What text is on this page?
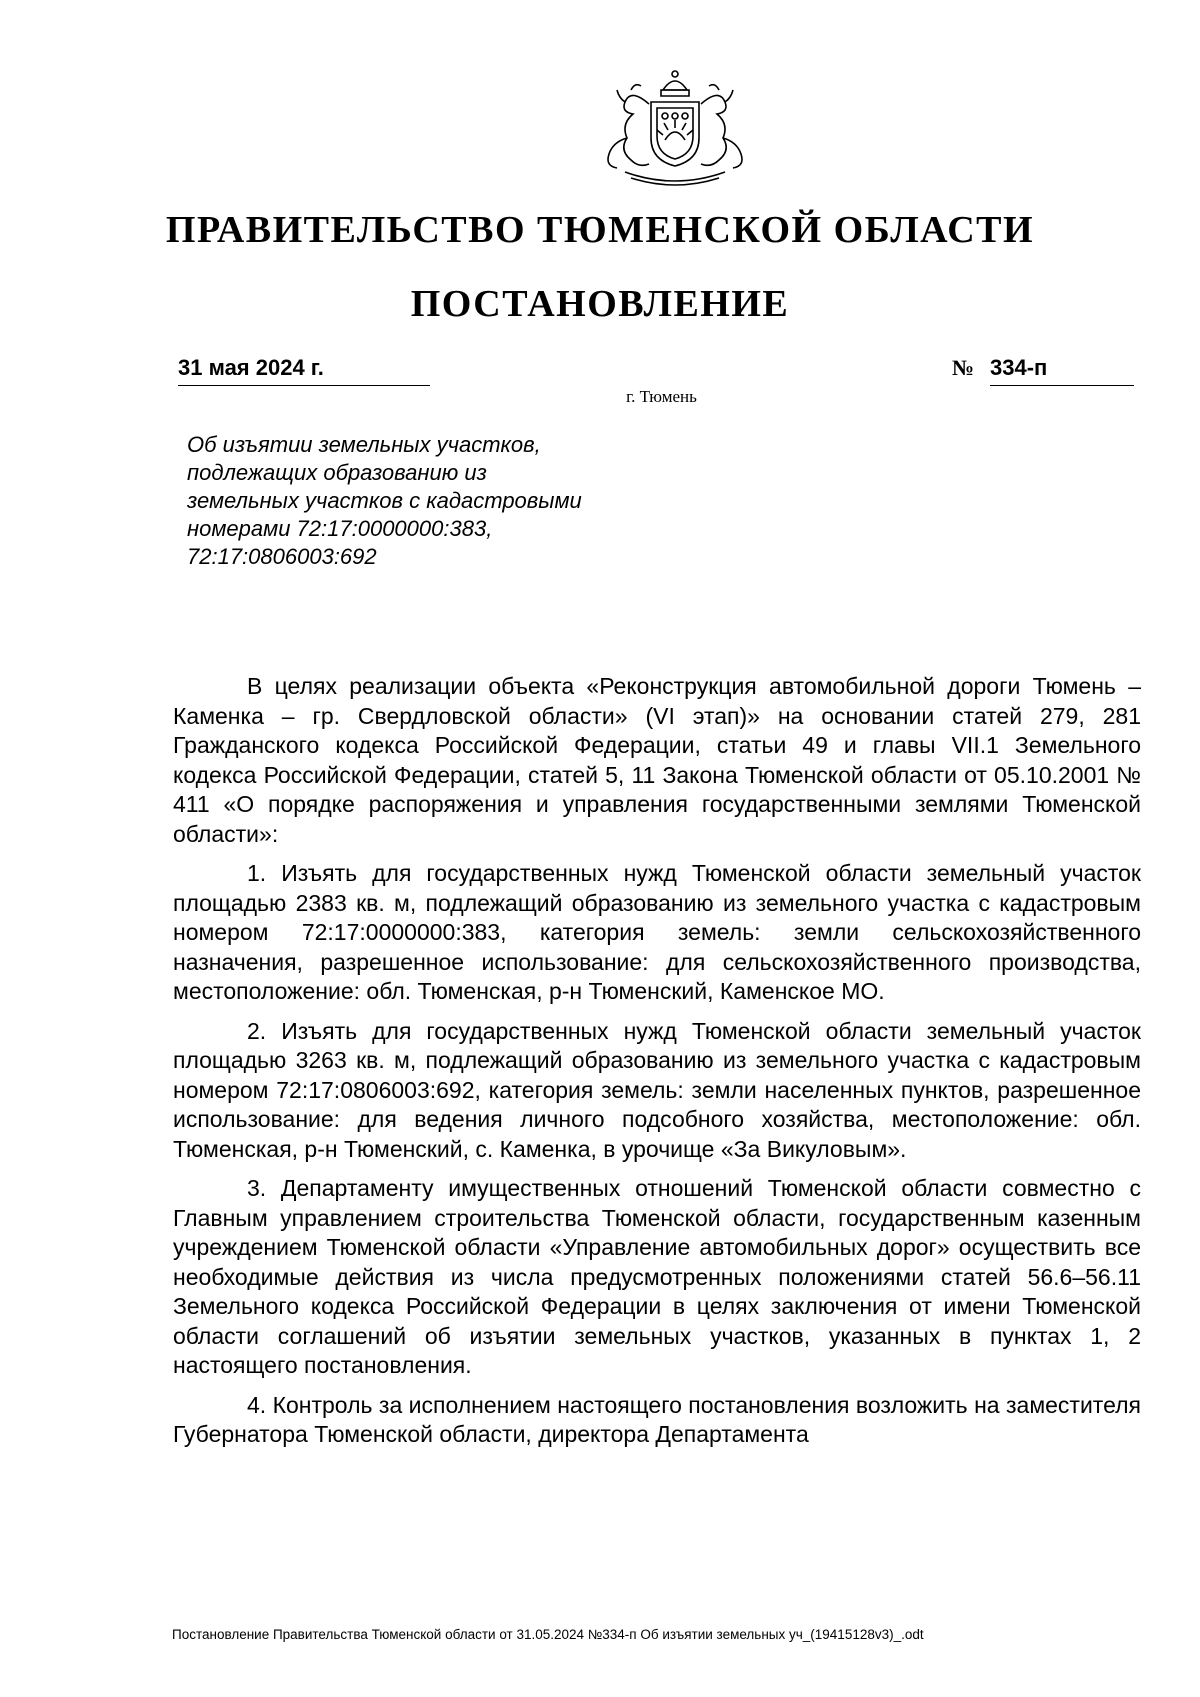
ПРАВИТЕЛЬСТВО ТЮМЕНСКОЙ ОБЛАСТИ
ПОСТАНОВЛЕНИЕ
31 мая 2024 г.	№ 334-п
г. Тюмень
Об изъятии земельных участков,
подлежащих образованию из
земельных участков с кадастровыми
номерами 72:17:0000000:383,
72:17:0806003:692

В целях реализации объекта «Реконструкция автомобильной дороги Тюмень – Каменка – гр. Свердловской области» (VI этап)» на основании статей 279, 281 Гражданского кодекса Российской Федерации, статьи 49 и главы VII.1 Земельного кодекса Российской Федерации, статей 5, 11 Закона Тюменской области от 05.10.2001 № 411 «О порядке распоряжения и управления государственными землями Тюменской области»:

1. Изъять для государственных нужд Тюменской области земельный участок площадью 2383 кв. м, подлежащий образованию из земельного участка с кадастровым номером 72:17:0000000:383, категория земель: земли сельскохозяйственного назначения, разрешенное использование: для сельскохозяйственного производства, местоположение: обл. Тюменская, р-н Тюменский, Каменское МО.

2. Изъять для государственных нужд Тюменской области земельный участок площадью 3263 кв. м, подлежащий образованию из земельного участка с кадастровым номером 72:17:0806003:692, категория земель: земли населенных пунктов, разрешенное использование: для ведения личного подсобного хозяйства, местоположение: обл. Тюменская, р-н Тюменский, с. Каменка, в урочище «За Викуловым».

3. Департаменту имущественных отношений Тюменской области совместно с Главным управлением строительства Тюменской области, государственным казенным учреждением Тюменской области «Управление автомобильных дорог» осуществить все необходимые действия из числа предусмотренных положениями статей 56.6–56.11 Земельного кодекса Российской Федерации в целях заключения от имени Тюменской области соглашений об изъятии земельных участков, указанных в пунктах 1, 2 настоящего постановления.

4. Контроль за исполнением настоящего постановления возложить на заместителя Губернатора Тюменской области, директора Департамента

Постановление Правительства Тюменской области от 31.05.2024 №334-п Об изъятии земельных уч_(19415128v3)_.odt
